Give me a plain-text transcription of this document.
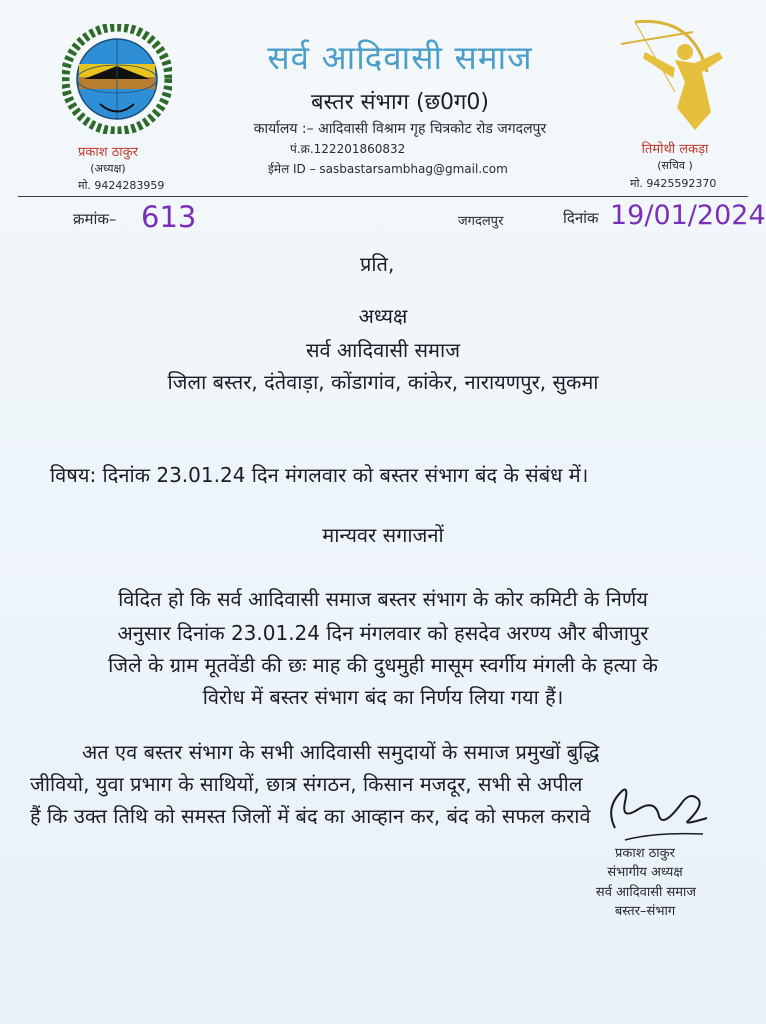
सर्व आदिवासी समाज
बस्तर संभाग (छ0ग0)
कार्यालय :– आदिवासी विश्राम गृह चित्रकोट रोड जगदलपुर
पं.क्र.122201860832
ईमेल ID – sasbastarsambhag@gmail.com
प्रकाश ठाकुर
(अध्यक्ष)
मो. 9424283959
तिमोथी लकड़ा
(सचिव )
मो. 9425592370
क्रमांक– 613	जगदलपुर	दिनांक 19/01/2024
प्रति,
अध्यक्ष
सर्व आदिवासी समाज
जिला बस्तर, दंतेवाड़ा, कोंडागांव, कांकेर, नारायणपुर, सुकमा
विषय: दिनांक 23.01.24 दिन मंगलवार को बस्तर संभाग बंद के संबंध में।
मान्यवर सगाजनों
विदित हो कि सर्व आदिवासी समाज बस्तर संभाग के कोर कमिटी के निर्णय
अनुसार दिनांक 23.01.24 दिन मंगलवार को हसदेव अरण्य और बीजापुर
जिले के ग्राम मूतवेंडी की छः माह की दुधमुही मासूम स्वर्गीय मंगली के हत्या के
विरोध में बस्तर संभाग बंद का निर्णय लिया गया हैं।
अत एव बस्तर संभाग के सभी आदिवासी समुदायों के समाज प्रमुखों बुद्धि
जीवियो, युवा प्रभाग के साथियों, छात्र संगठन, किसान मजदूर, सभी से अपील
हैं कि उक्त तिथि को समस्त जिलों में बंद का आव्हान कर, बंद को सफल करावे
प्रकाश ठाकुर
संभागीय अध्यक्ष
सर्व आदिवासी समाज
बस्तर–संभाग
